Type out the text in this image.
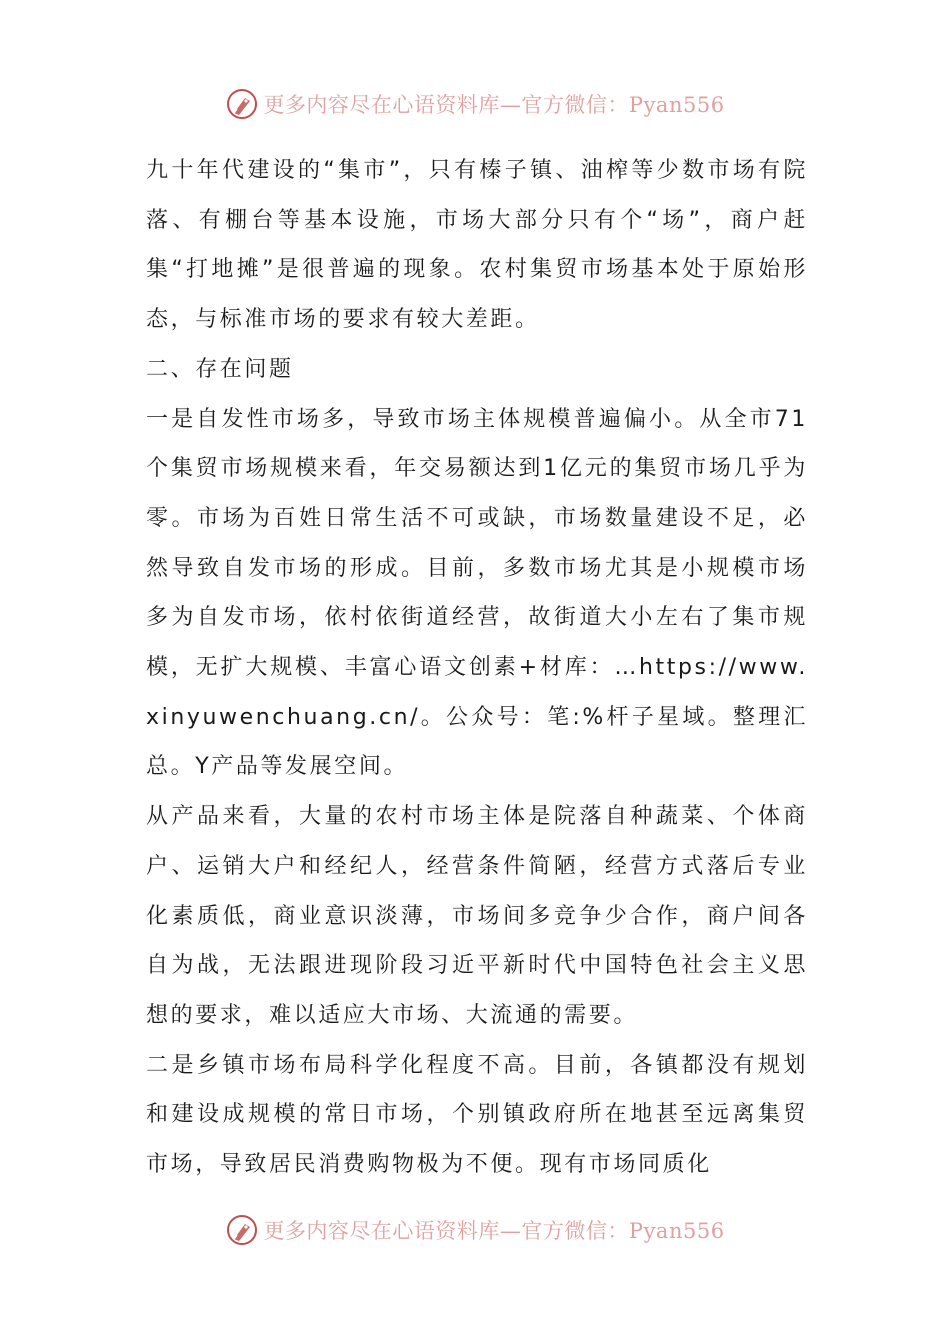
更多内容尽在心语资料库—官方微信：Pyan556

九十年代建设的“集市”，只有榛子镇、油榨等少数市场有院落、有棚台等基本设施，市场大部分只有个“场”，商户赶集“打地摊”是很普遍的现象。农村集贸市场基本处于原始形态，与标准市场的要求有较大差距。

二、存在问题

一是自发性市场多，导致市场主体规模普遍偏小。从全市71个集贸市场规模来看，年交易额达到1亿元的集贸市场几乎为零。市场为百姓日常生活不可或缺，市场数量建设不足，必然导致自发市场的形成。目前，多数市场尤其是小规模市场多为自发市场，依村依街道经营，故街道大小左右了集市规模，无扩大规模、丰富心语文创素+材库：…https://www.xinyuwenchuang.cn/。公众号：笔:%杆子星域。整理汇总。Y产品等发展空间。

从产品来看，大量的农村市场主体是院落自种蔬菜、个体商户、运销大户和经纪人，经营条件简陋，经营方式落后专业化素质低，商业意识淡薄，市场间多竞争少合作，商户间各自为战，无法跟进现阶段习近平新时代中国特色社会主义思想的要求，难以适应大市场、大流通的需要。

二是乡镇市场布局科学化程度不高。目前，各镇都没有规划和建设成规模的常日市场，个别镇政府所在地甚至远离集贸市场，导致居民消费购物极为不便。现有市场同质化

更多内容尽在心语资料库—官方微信：Pyan556
